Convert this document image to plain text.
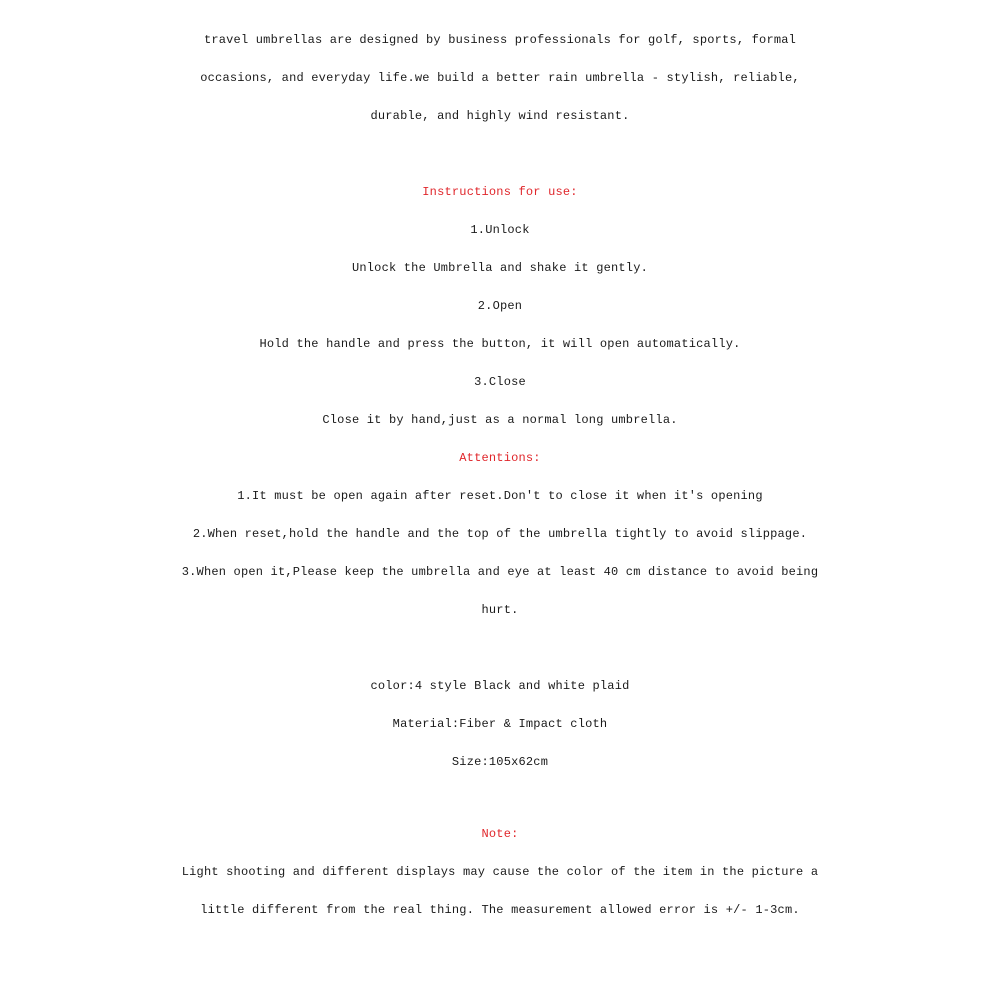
travel umbrellas are designed by business professionals for golf, sports, formal
occasions, and everyday life.we build a better rain umbrella - stylish, reliable,
durable, and highly wind resistant.
Instructions for use:
1.Unlock
Unlock the Umbrella and shake it gently.
2.Open
Hold the handle and press the button, it will open automatically.
3.Close
Close it by hand,just as a normal long umbrella.
Attentions:
1.It must be open again after reset.Don't to close it when it's opening
2.When reset,hold the handle and the top of the umbrella tightly to avoid slippage.
3.When open it,Please keep the umbrella and eye at least 40 cm distance to avoid being
hurt.
color:4 style Black and white plaid
Material:Fiber & Impact cloth
Size:105x62cm
Note:
Light shooting and different displays may cause the color of the item in the picture a
little different from the real thing. The measurement allowed error is +/- 1-3cm.
